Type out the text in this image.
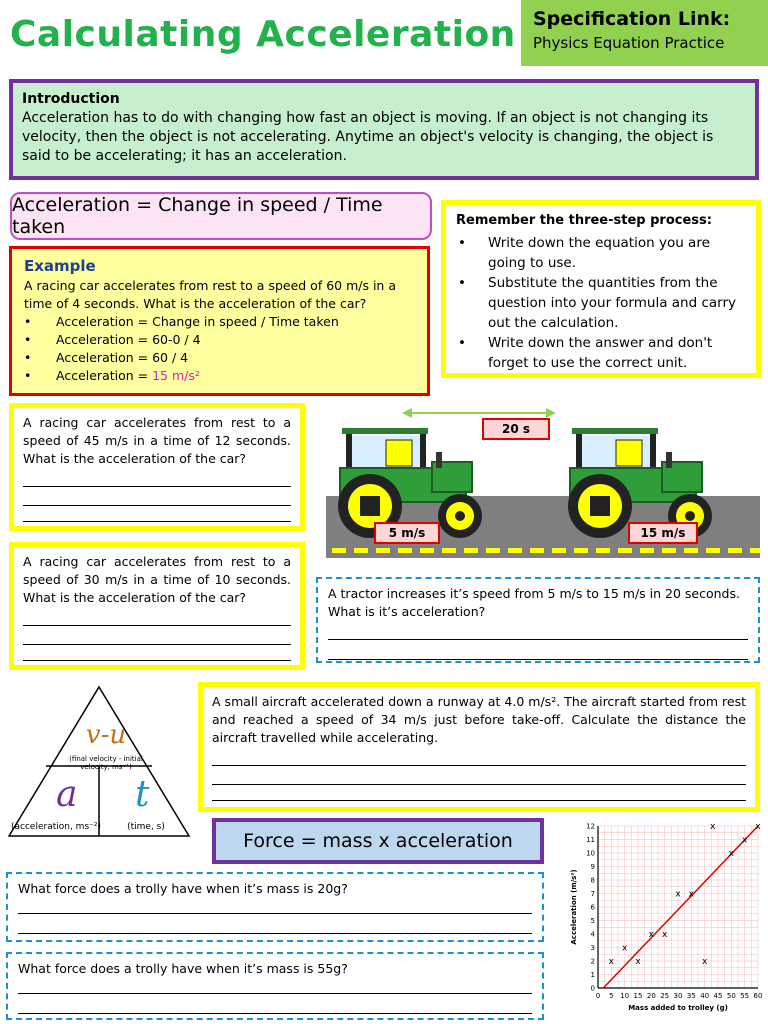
Calculating Acceleration Specification Link:
Physics Equation Practice
Introduction
Acceleration has to do with changing how fast an object is moving. If an object is not changing its velocity, then the object is not accelerating. Anytime an object's velocity is changing, the object is said to be accelerating; it has an acceleration.
Acceleration = Change in speed / Time taken
Example
A racing car accelerates from rest to a speed of 60 m/s in a time of 4 seconds. What is the acceleration of the car?
• Acceleration = Change in speed / Time taken
• Acceleration = 60-0 / 4
• Acceleration = 60 / 4
• Acceleration = 15 m/s²
Remember the three-step process:
• Write down the equation you are going to use.
• Substitute the quantities from the question into your formula and carry out the calculation.
• Write down the answer and don't forget to use the correct unit.
A racing car accelerates from rest to a speed of 45 m/s in a time of 12 seconds. What is the acceleration of the car?
A racing car accelerates from rest to a speed of 30 m/s in a time of 10 seconds. What is the acceleration of the car?
20 s
5 m/s	15 m/s
A tractor increases it’s speed from 5 m/s to 15 m/s in 20 seconds. What is it’s acceleration?
v-u
(final velocity - initial velocity, ms⁻¹)
a
(acceleration, ms⁻²)
t
(time, s)
A small aircraft accelerated down a runway at 4.0 m/s². The aircraft started from rest and reached a speed of 34 m/s just before take-off. Calculate the distance the aircraft travelled while accelerating.
Force = mass x acceleration
What force does a trolly have when it’s mass is 20g?
What force does a trolly have when it’s mass is 55g?
0 5 10 15 20 25 30 35 40 45 50 55 60
0
1
2
3
4
5
6
7
8
9
10
11
12
x
x
x
x x
x x
x
x
x
x
x
Mass added to trolley (g)
Acceleration (m/s²)
